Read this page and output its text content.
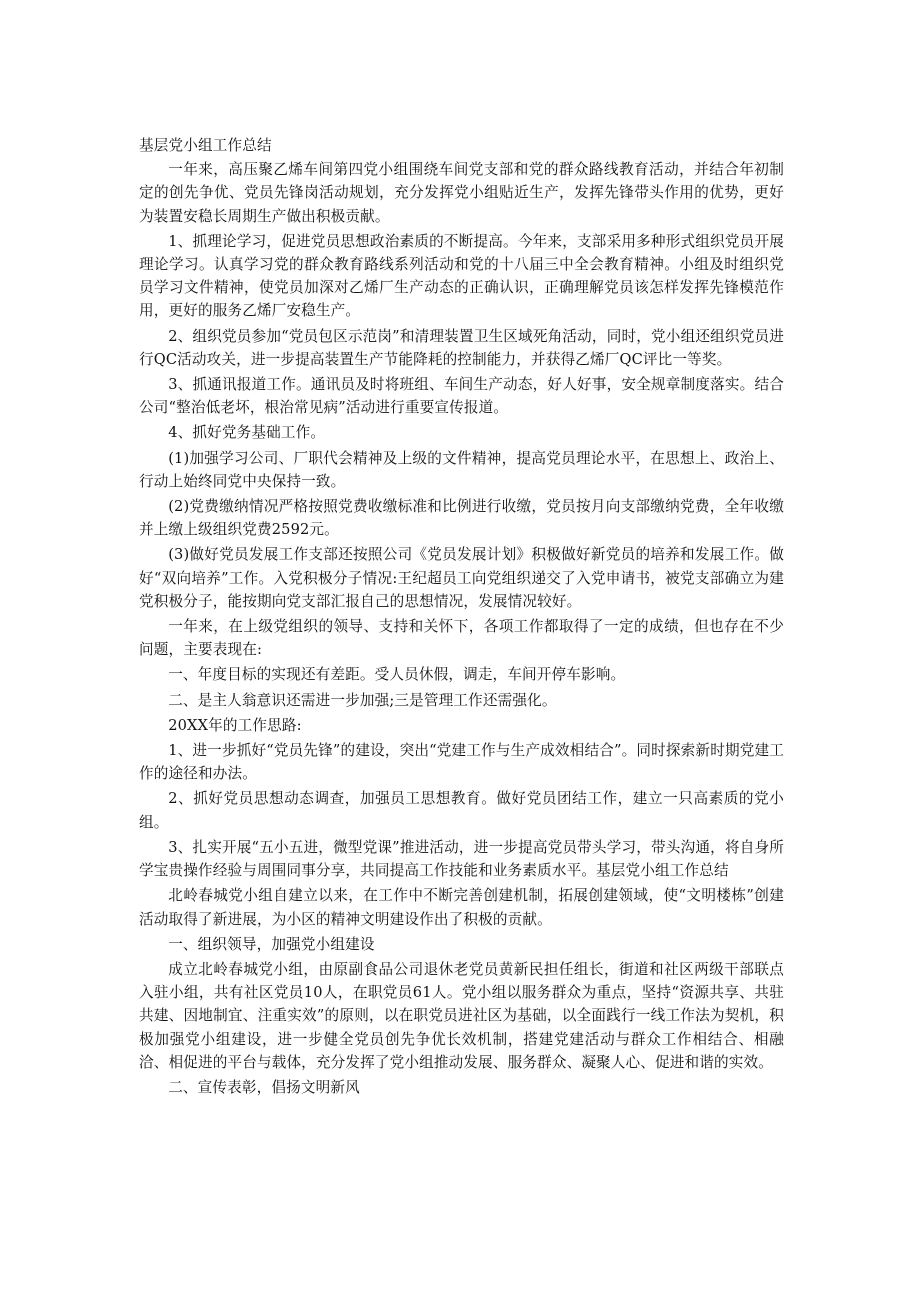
基层党小组工作总结

一年来，高压聚乙烯车间第四党小组围绕车间党支部和党的群众路线教育活动，并结合年初制定的创先争优、党员先锋岗活动规划，充分发挥党小组贴近生产，发挥先锋带头作用的优势，更好为装置安稳长周期生产做出积极贡献。

1、抓理论学习，促进党员思想政治素质的不断提高。今年来，支部采用多种形式组织党员开展理论学习。认真学习党的群众教育路线系列活动和党的十八届三中全会教育精神。小组及时组织党员学习文件精神，使党员加深对乙烯厂生产动态的正确认识，正确理解党员该怎样发挥先锋模范作用，更好的服务乙烯厂安稳生产。

2、组织党员参加“党员包区示范岗”和清理装置卫生区域死角活动，同时，党小组还组织党员进行QC活动攻关，进一步提高装置生产节能降耗的控制能力，并获得乙烯厂QC评比一等奖。

3、抓通讯报道工作。通讯员及时将班组、车间生产动态，好人好事，安全规章制度落实。结合公司“整治低老坏，根治常见病”活动进行重要宣传报道。

4、抓好党务基础工作。

(1)加强学习公司、厂职代会精神及上级的文件精神，提高党员理论水平，在思想上、政治上、行动上始终同党中央保持一致。

(2)党费缴纳情况严格按照党费收缴标准和比例进行收缴，党员按月向支部缴纳党费，全年收缴并上缴上级组织党费2592元。

(3)做好党员发展工作支部还按照公司《党员发展计划》积极做好新党员的培养和发展工作。做好“双向培养”工作。入党积极分子情况:王纪超员工向党组织递交了入党申请书，被党支部确立为建党积极分子，能按期向党支部汇报自己的思想情况，发展情况较好。

一年来，在上级党组织的领导、支持和关怀下，各项工作都取得了一定的成绩，但也存在不少问题，主要表现在:

一、年度目标的实现还有差距。受人员休假，调走，车间开停车影响。

二、是主人翁意识还需进一步加强;三是管理工作还需强化。

20XX年的工作思路:

1、进一步抓好“党员先锋”的建设，突出“党建工作与生产成效相结合”。同时探索新时期党建工作的途径和办法。

2、抓好党员思想动态调查，加强员工思想教育。做好党员团结工作，建立一只高素质的党小组。

3、扎实开展“五小五进，微型党课”推进活动，进一步提高党员带头学习，带头沟通，将自身所学宝贵操作经验与周围同事分享，共同提高工作技能和业务素质水平。基层党小组工作总结

北岭春城党小组自建立以来，在工作中不断完善创建机制，拓展创建领域，使“文明楼栋”创建活动取得了新进展，为小区的精神文明建设作出了积极的贡献。

一、组织领导，加强党小组建设

成立北岭春城党小组，由原副食品公司退休老党员黄新民担任组长，街道和社区两级干部联点入驻小组，共有社区党员10人，在职党员61人。党小组以服务群众为重点，坚持“资源共享、共驻共建、因地制宜、注重实效”的原则，以在职党员进社区为基础，以全面践行一线工作法为契机，积极加强党小组建设，进一步健全党员创先争优长效机制，搭建党建活动与群众工作相结合、相融洽、相促进的平台与载体，充分发挥了党小组推动发展、服务群众、凝聚人心、促进和谐的实效。

二、宣传表彰，倡扬文明新风
